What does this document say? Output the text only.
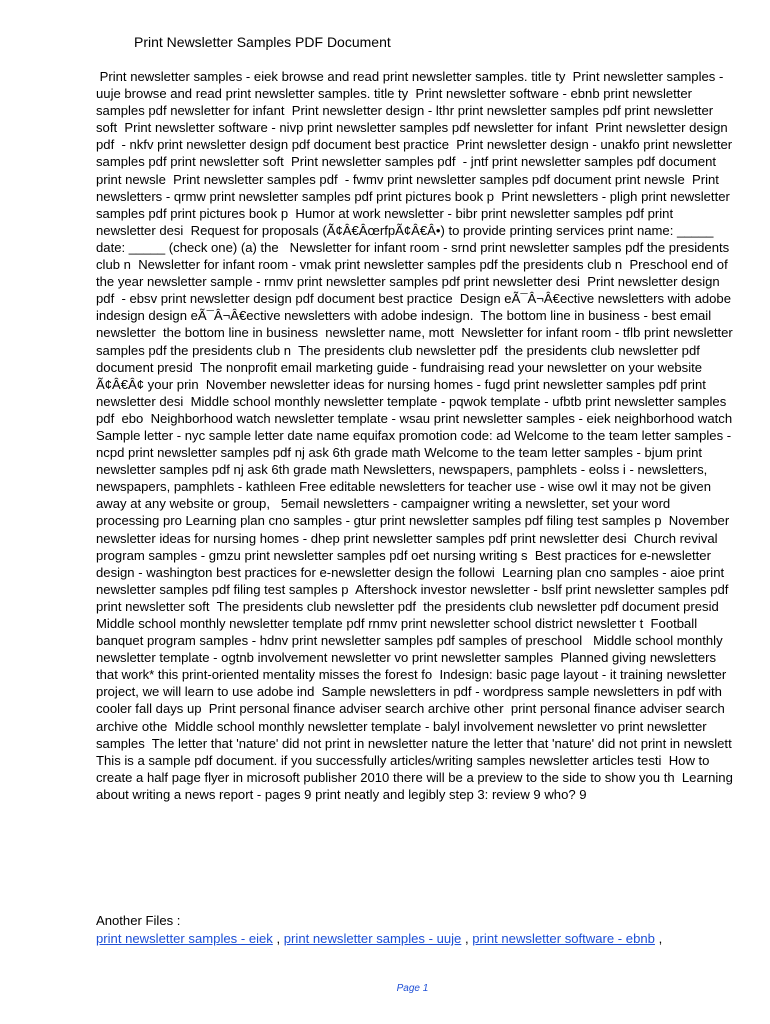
Print Newsletter Samples PDF Document
Print newsletter samples - eiek browse and read print newsletter samples. title ty  Print newsletter samples - uuje browse and read print newsletter samples. title ty  Print newsletter software - ebnb print newsletter samples pdf newsletter for infant  Print newsletter design - lthr print newsletter samples pdf print newsletter soft  Print newsletter software - nivp print newsletter samples pdf newsletter for infant  Print newsletter design pdf  - nkfv print newsletter design pdf document best practice  Print newsletter design - unakfo print newsletter samples pdf print newsletter soft  Print newsletter samples pdf  - jntf print newsletter samples pdf document print newsle  Print newsletter samples pdf  - fwmv print newsletter samples pdf document print newsle  Print newsletters - qrmw print newsletter samples pdf print pictures book p  Print newsletters - pligh print newsletter samples pdf print pictures book p  Humor at work newsletter - bibr print newsletter samples pdf print newsletter desi  Request for proposals (Ã¢Â€ÂœrfpÃ¢Â€Â•) to provide printing services print name: _____ date: _____ (check one) (a) the   Newsletter for infant room - srnd print newsletter samples pdf the presidents club n  Newsletter for infant room - vmak print newsletter samples pdf the presidents club n  Preschool end of the year newsletter sample - rnmv print newsletter samples pdf print newsletter desi  Print newsletter design pdf  - ebsv print newsletter design pdf document best practice  Design eÃ¯Â¬Â€ective newsletters with adobe indesign design eÃ¯Â¬Â€ective newsletters with adobe indesign.  The bottom line in business - best email newsletter  the bottom line in business  newsletter name, mott  Newsletter for infant room - tflb print newsletter samples pdf the presidents club n  The presidents club newsletter pdf  the presidents club newsletter pdf document presid  The nonprofit email marketing guide - fundraising read your newsletter on your website Ã¢Â€Â¢ your prin  November newsletter ideas for nursing homes - fugd print newsletter samples pdf print newsletter desi  Middle school monthly newsletter template - pqwok template - ufbtb print newsletter samples pdf  ebo  Neighborhood watch newsletter template - wsau print newsletter samples - eiek neighborhood watch  Sample letter - nyc sample letter date name equifax promotion code: ad Welcome to the team letter samples - ncpd print newsletter samples pdf nj ask 6th grade math Welcome to the team letter samples - bjum print newsletter samples pdf nj ask 6th grade math Newsletters, newspapers, pamphlets - eolss i - newsletters, newspapers, pamphlets - kathleen Free editable newsletters for teacher use - wise owl it may not be given away at any website or group,   5email newsletters - campaigner writing a newsletter, set your word processing pro Learning plan cno samples - gtur print newsletter samples pdf filing test samples p  November newsletter ideas for nursing homes - dhep print newsletter samples pdf print newsletter desi  Church revival program samples - gmzu print newsletter samples pdf oet nursing writing s  Best practices for e-newsletter design - washington best practices for e-newsletter design the followi  Learning plan cno samples - aioe print newsletter samples pdf filing test samples p  Aftershock investor newsletter - bslf print newsletter samples pdf print newsletter soft  The presidents club newsletter pdf  the presidents club newsletter pdf document presid  Middle school monthly newsletter template pdf rnmv print newsletter school district newsletter t  Football banquet program samples - hdnv print newsletter samples pdf samples of preschool   Middle school monthly newsletter template - ogtnb involvement newsletter vo print newsletter samples  Planned giving newsletters that work* this print-oriented mentality misses the forest fo  Indesign: basic page layout - it training newsletter project, we will learn to use adobe ind  Sample newsletters in pdf - wordpress sample newsletters in pdf with cooler fall days up  Print personal finance adviser search archive other  print personal finance adviser search archive othe  Middle school monthly newsletter template - balyl involvement newsletter vo print newsletter samples  The letter that 'nature' did not print in newsletter nature the letter that 'nature' did not print in newslett  This is a sample pdf document. if you successfully articles/writing samples newsletter articles testi  How to create a half page flyer in microsoft publisher 2010 there will be a preview to the side to show you th  Learning about writing a news report - pages 9 print neatly and legibly step 3: review 9 who? 9
Another Files :
print newsletter samples - eiek , print newsletter samples - uuje , print newsletter software - ebnb ,
Page 1
